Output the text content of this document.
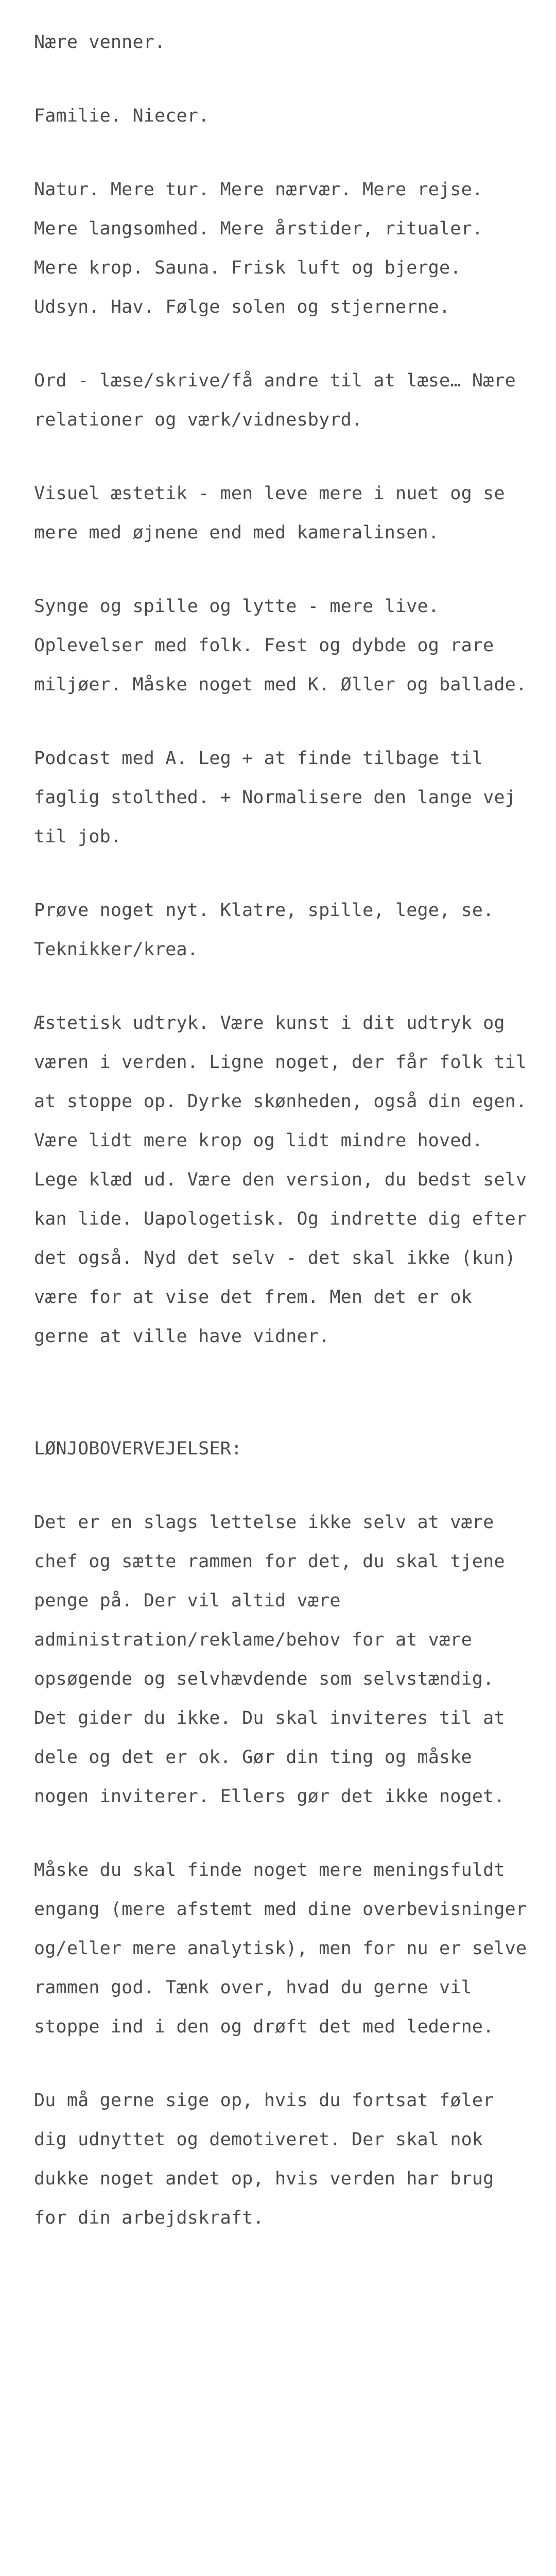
Nære venner.

Familie. Niecer.

Natur. Mere tur. Mere nærvær. Mere rejse. Mere langsomhed. Mere årstider, ritualer. Mere krop. Sauna. Frisk luft og bjerge. Udsyn. Hav. Følge solen og stjernerne.

Ord - læse/skrive/få andre til at læse… Nære relationer og værk/vidnesbyrd.

Visuel æstetik - men leve mere i nuet og se mere med øjnene end med kameralinsen.

Synge og spille og lytte - mere live. Oplevelser med folk. Fest og dybde og rare miljøer. Måske noget med K. Øller og ballade.

Podcast med A. Leg + at finde tilbage til faglig stolthed. + Normalisere den lange vej til job.

Prøve noget nyt. Klatre, spille, lege, se. Teknikker/krea.

Æstetisk udtryk. Være kunst i dit udtryk og væren i verden. Ligne noget, der får folk til at stoppe op. Dyrke skønheden, også din egen. Være lidt mere krop og lidt mindre hoved. Lege klæd ud. Være den version, du bedst selv kan lide. Uapologetisk. Og indrette dig efter det også. Nyd det selv - det skal ikke (kun) være for at vise det frem. Men det er ok gerne at ville have vidner.

LØNJOBOVERVEJELSER:

Det er en slags lettelse ikke selv at være chef og sætte rammen for det, du skal tjene penge på. Der vil altid være administration/reklame/behov for at være opsøgende og selvhævdende som selvstændig. Det gider du ikke. Du skal inviteres til at dele og det er ok. Gør din ting og måske nogen inviterer. Ellers gør det ikke noget.

Måske du skal finde noget mere meningsfuldt engang (mere afstemt med dine overbevisninger og/eller mere analytisk), men for nu er selve rammen god. Tænk over, hvad du gerne vil stoppe ind i den og drøft det med lederne.

Du må gerne sige op, hvis du fortsat føler dig udnyttet og demotiveret. Der skal nok dukke noget andet op, hvis verden har brug for din arbejdskraft.
